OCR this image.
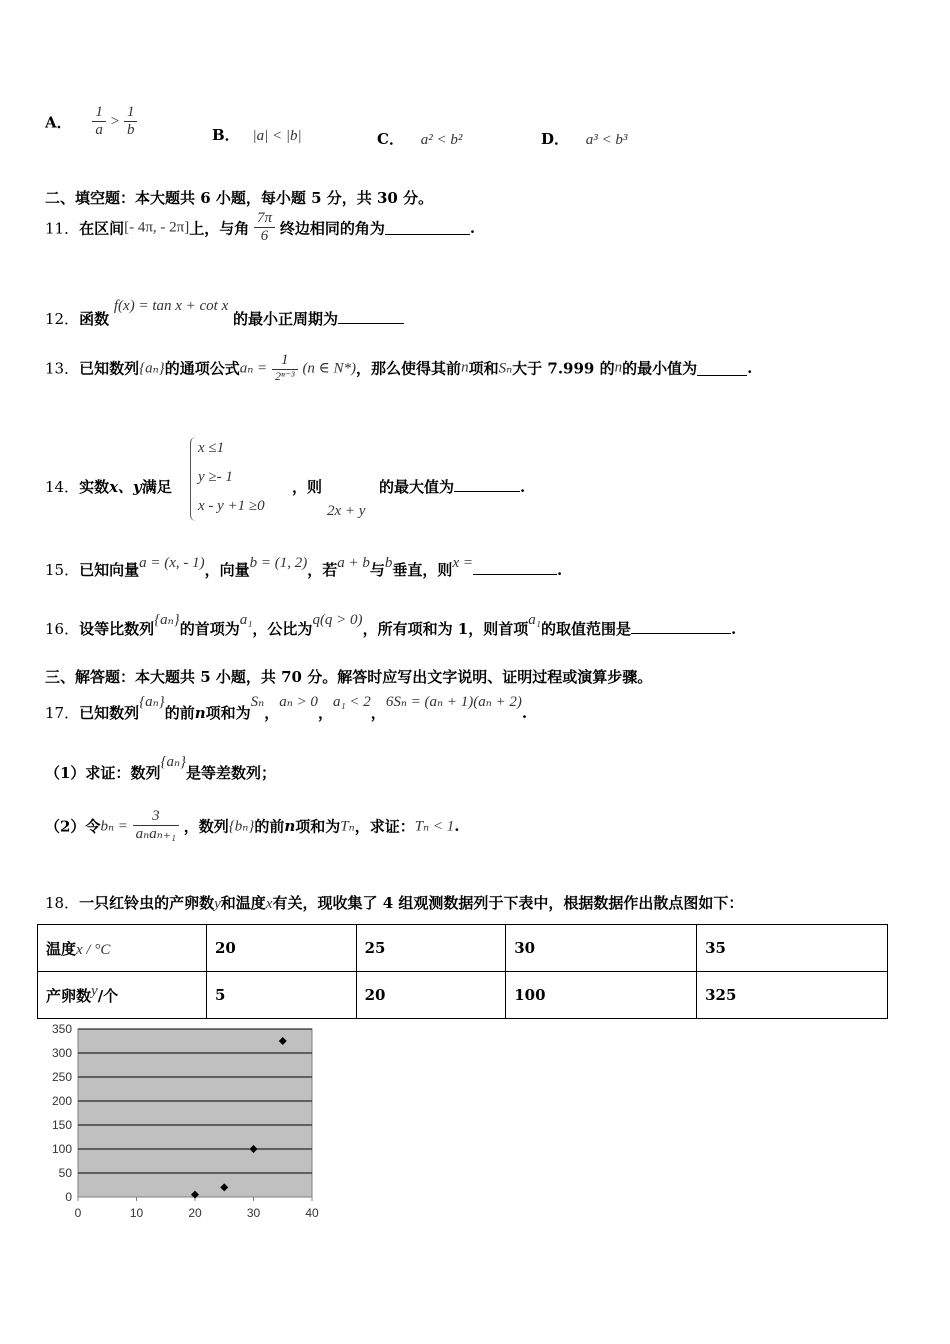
A． $\frac{1}{a} > \frac{1}{b}$	B． |a| < |b|	C． a² < b²	D． a³ < b³
二、填空题：本大题共 6 小题，每小题 5 分，共 30 分。
11．在区间[- 4π, - 2π]上，与角 $\frac{7\pi}{6}$ 终边相同的角为	.
12．函数 f(x) = tan x + cot x 的最小正周期为
13．已知数列{aₙ}的通项公式$a_n = \frac{1}{\text{2ⁿ⁻³}} (n$ ∈ N*)，那么使得其前n项和Sₙ大于 7.999 的n的最小值为	.
14．实数x、y满足
x ≤1
y ≥- 1
x - y +1 ≥0
，则
2x + y
的最大值为	.
15．已知向量a = (x, - 1)，向量b = (1, 2)，若a + b与b垂直，则x =	.
16．设等比数列{aₙ}的首项为a₁，公比为q(q > 0)，所有项和为 1，则首项a₁的取值范围是	.
三、解答题：本大题共 5 小题，共 70 分。解答时应写出文字说明、证明过程或演算步骤。
17．已知数列{aₙ}的前n项和为Sₙ，aₙ > 0，a₁ < 2，6Sₙ = (aₙ + 1)(aₙ + 2).
（1）求证：数列{aₙ}是等差数列；
（2）令$b_n = \frac{3}{\text{aₙaₙ₊₁}}$ ，数列{bₙ}的前n项和为Tₙ，求证：Tₙ < 1.
18．一只红铃虫的产卵数y和温度x有关，现收集了 4 组观测数据列于下表中，根据数据作出散点图如下：
温度x / °C	20	25	30	35
产卵数y/个	5	20	100	325
0
50
100
150
200
250
300
350
0	10	20	30	40
